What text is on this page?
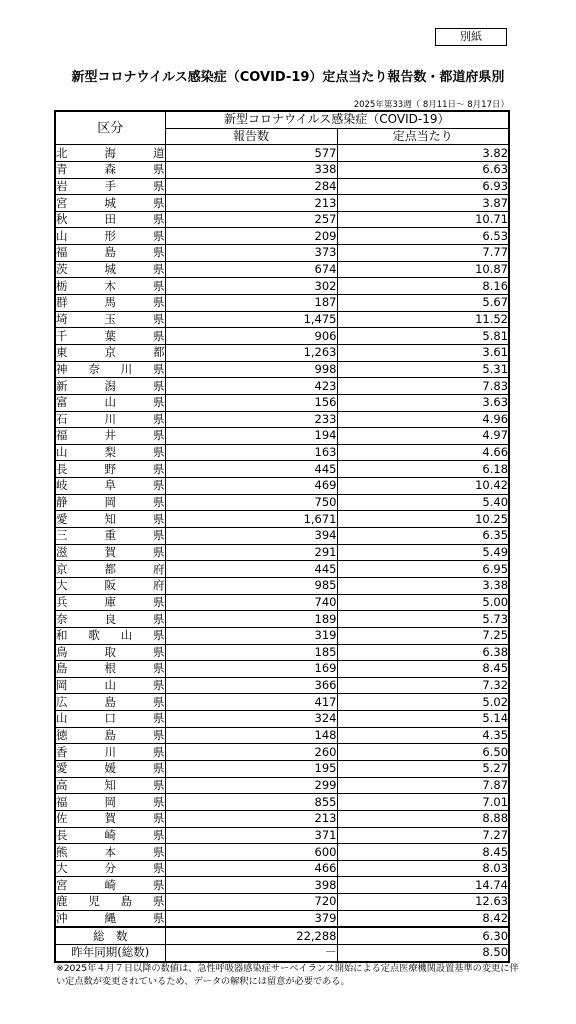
別紙
新型コロナウイルス感染症（COVID-19）定点当たり報告数・都道府県別
2025年第33週（ 8月11日～ 8月17日）
区分	新型コロナウイルス感染症（COVID-19）	
	報告数	定点当たり

北 海 道	577	3.82

青 森 県	338	6.63

岩 手 県	284	6.93

宮 城 県	213	3.87

秋 田 県	257	10.71

山 形 県	209	6.53

福 島 県	373	7.77

茨 城 県	674	10.87

栃 木 県	302	8.16

群 馬 県	187	5.67

埼 玉 県	1,475	11.52

千 葉 県	906	5.81

東 京 都	1,263	3.61

神 奈 川 県	998	5.31

新 潟 県	423	7.83

富 山 県	156	3.63

石 川 県	233	4.96

福 井 県	194	4.97

山 梨 県	163	4.66

長 野 県	445	6.18

岐 阜 県	469	10.42

静 岡 県	750	5.40

愛 知 県	1,671	10.25

三 重 県	394	6.35

滋 賀 県	291	5.49

京 都 府	445	6.95

大 阪 府	985	3.38

兵 庫 県	740	5.00

奈 良 県	189	5.73

和 歌 山 県	319	7.25

鳥 取 県	185	6.38

島 根 県	169	8.45

岡 山 県	366	7.32

広 島 県	417	5.02

山 口 県	324	5.14

徳 島 県	148	4.35

香 川 県	260	6.50

愛 媛 県	195	5.27

高 知 県	299	7.87

福 岡 県	855	7.01

佐 賀 県	213	8.88

長 崎 県	371	7.27

熊 本 県	600	8.45

大 分 県	466	8.03

宮 崎 県	398	14.74

鹿 児 島 県	720	12.63

沖 縄 県	379	8.42
総　数	22,288	6.30
昨年同期(総数)	－	8.50
※2025年４月７日以降の数値は、急性呼吸器感染症サーベイランス開始による定点医療機関設置基準の変更に伴い定点数が変更されているため、データの解釈には留意が必要である。
